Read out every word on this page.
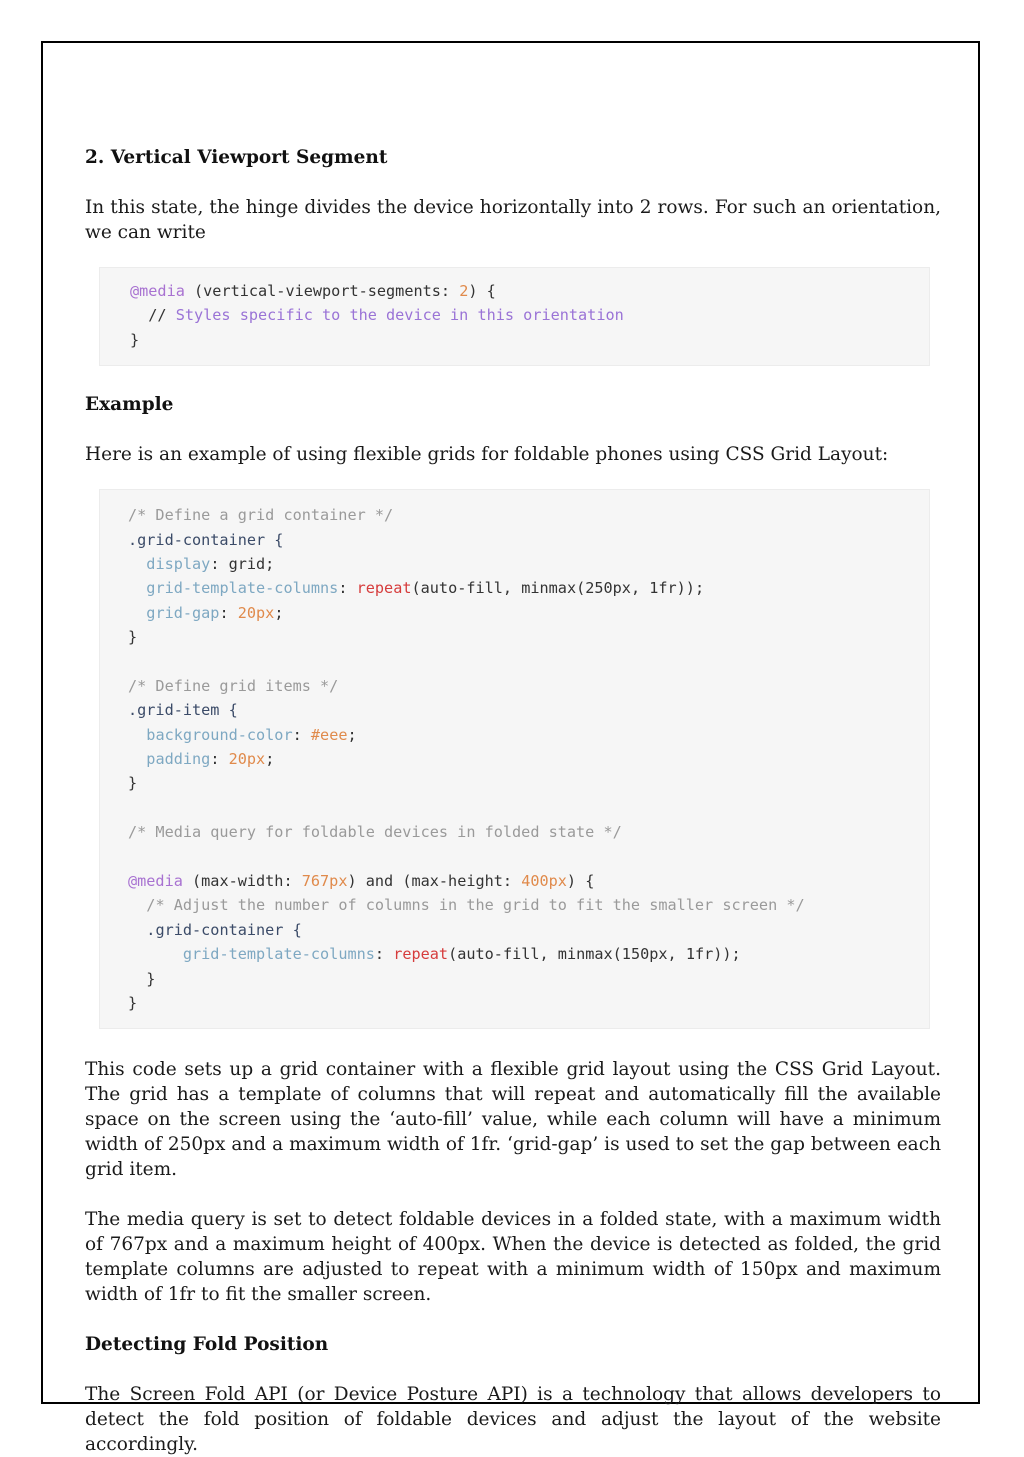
2. Vertical Viewport Segment

In this state, the hinge divides the device horizontally into 2 rows. For such an orientation, we can write

@media (vertical-viewport-segments: 2) {
// Styles specific to the device in this orientation
}
Example

Here is an example of using flexible grids for foldable phones using CSS Grid Layout:

/* Define a grid container */
.grid-container {
display: grid;
grid-template-columns: repeat(auto-fill, minmax(250px, 1fr));
grid-gap: 20px;
}
/* Define grid items */
.grid-item {
background-color: #eee;
padding: 20px;
}
/* Media query for foldable devices in folded state */
@media (max-width: 767px) and (max-height: 400px) {
/* Adjust the number of columns in the grid to fit the smaller screen */
.grid-container {
grid-template-columns: repeat(auto-fill, minmax(150px, 1fr));
}
}

This code sets up a grid container with a flexible grid layout using the CSS Grid Layout. The grid has a template of columns that will repeat and automatically fill the available space on the screen using the ‘auto-fill’ value, while each column will have a minimum width of 250px and a maximum width of 1fr. ‘grid-gap’ is used to set the gap between each grid item.

The media query is set to detect foldable devices in a folded state, with a maximum width of 767px and a maximum height of 400px. When the device is detected as folded, the grid template columns are adjusted to repeat with a minimum width of 150px and maximum width of 1fr to fit the smaller screen.

Detecting Fold Position

The Screen Fold API (or Device Posture API) is a technology that allows developers to detect the fold position of foldable devices and adjust the layout of the website accordingly.
